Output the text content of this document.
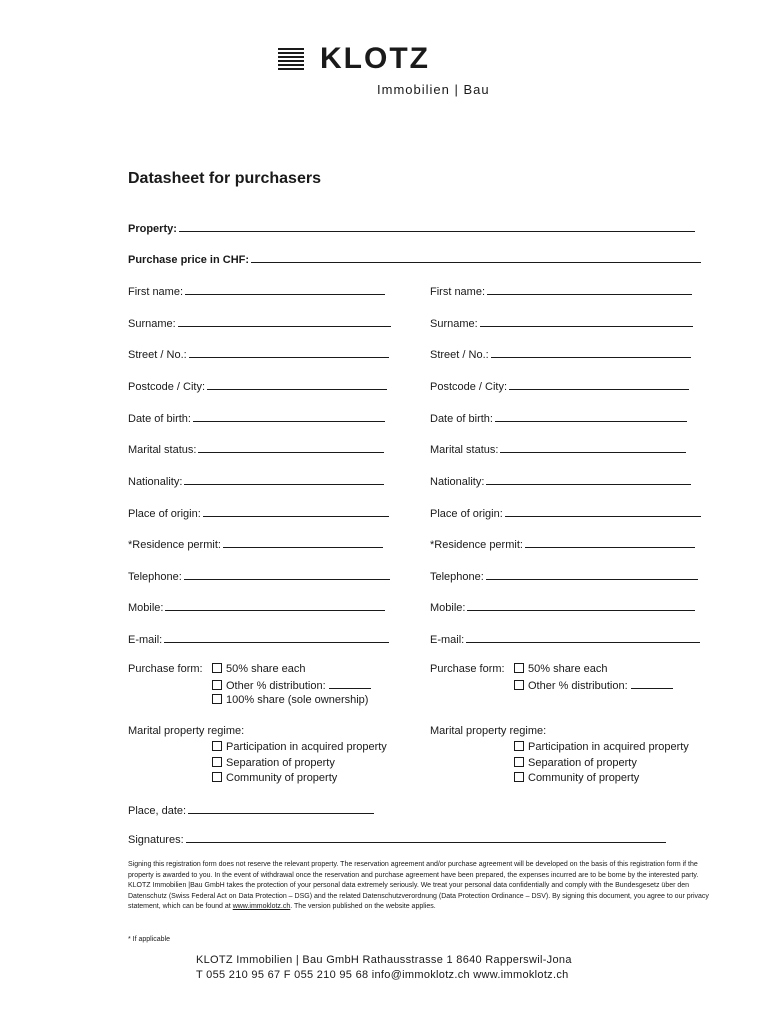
KLOTZ
Immobilien | Bau
Datasheet for purchasers
Property:
Purchase price in CHF:
First name:
Surname:
Street / No.:
Postcode / City:
Date of birth:
Marital status:
Nationality:
Place of origin:
*Residence permit:
Telephone:
Mobile:
E-mail:
First name:
Surname:
Street / No.:
Postcode / City:
Date of birth:
Marital status:
Nationality:
Place of origin:
*Residence permit:
Telephone:
Mobile:
E-mail:
Purchase form:	50% share each
Other % distribution:
100% share (sole ownership)
Purchase form:	50% share each
Other % distribution:
Marital property regime:
Participation in acquired property
Separation of property
Community of property
Marital property regime:
Participation in acquired property
Separation of property
Community of property
Place, date:
Signatures:
Signing this registration form does not reserve the relevant property. The reservation agreement and/or purchase agreement will be developed on the basis of this registration form if the property is awarded to you. In the event of withdrawal once the reservation and purchase agreement have been prepared, the expenses incurred are to be borne by the interested party. KLOTZ Immobilien |Bau GmbH takes the protection of your personal data extremely seriously. We treat your personal data confidentially and comply with the Bundesgesetz über den Datenschutz (Swiss Federal Act on Data Protection – DSG) and the related Datenschutzverordnung (Data Protection Ordinance – DSV). By signing this document, you agree to our privacy statement, which can be found at www.immoklotz.ch. The version published on the website applies.
* If applicable
KLOTZ Immobilien | Bau GmbH Rathausstrasse 1 8640 Rapperswil-Jona
T 055 210 95 67 F 055 210 95 68 info@immoklotz.ch www.immoklotz.ch
